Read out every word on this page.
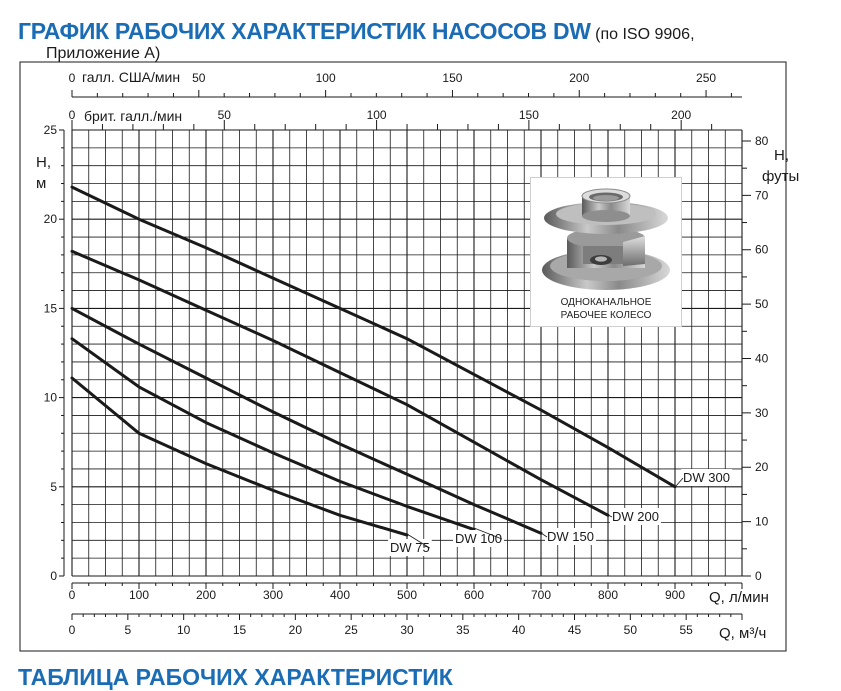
ГРАФИК РАБОЧИХ ХАРАКТЕРИСТИК НАСОСОВ DW (по ISO 9906,
Приложение А)
0
5
10
15
20
25
H,
м
0
10
20
30
40
50
60
70
80
H,
футы
0	100	200	300	400	500	600	700	800	900 Q, л/мин
0	5	10	15	20	25	30	35	40	45	50	55 Q, м³/ч
0 галл. США/мин 50	100	150	200	250
0 брит. галл./мин	50	100	150	200
DW 75
DW 100	DW 150
DW 200
DW 300
ОДНОКАНАЛЬНОЕ
РАБОЧЕЕ КОЛЕСО
ТАБЛИЦА РАБОЧИХ ХАРАКТЕРИСТИК
